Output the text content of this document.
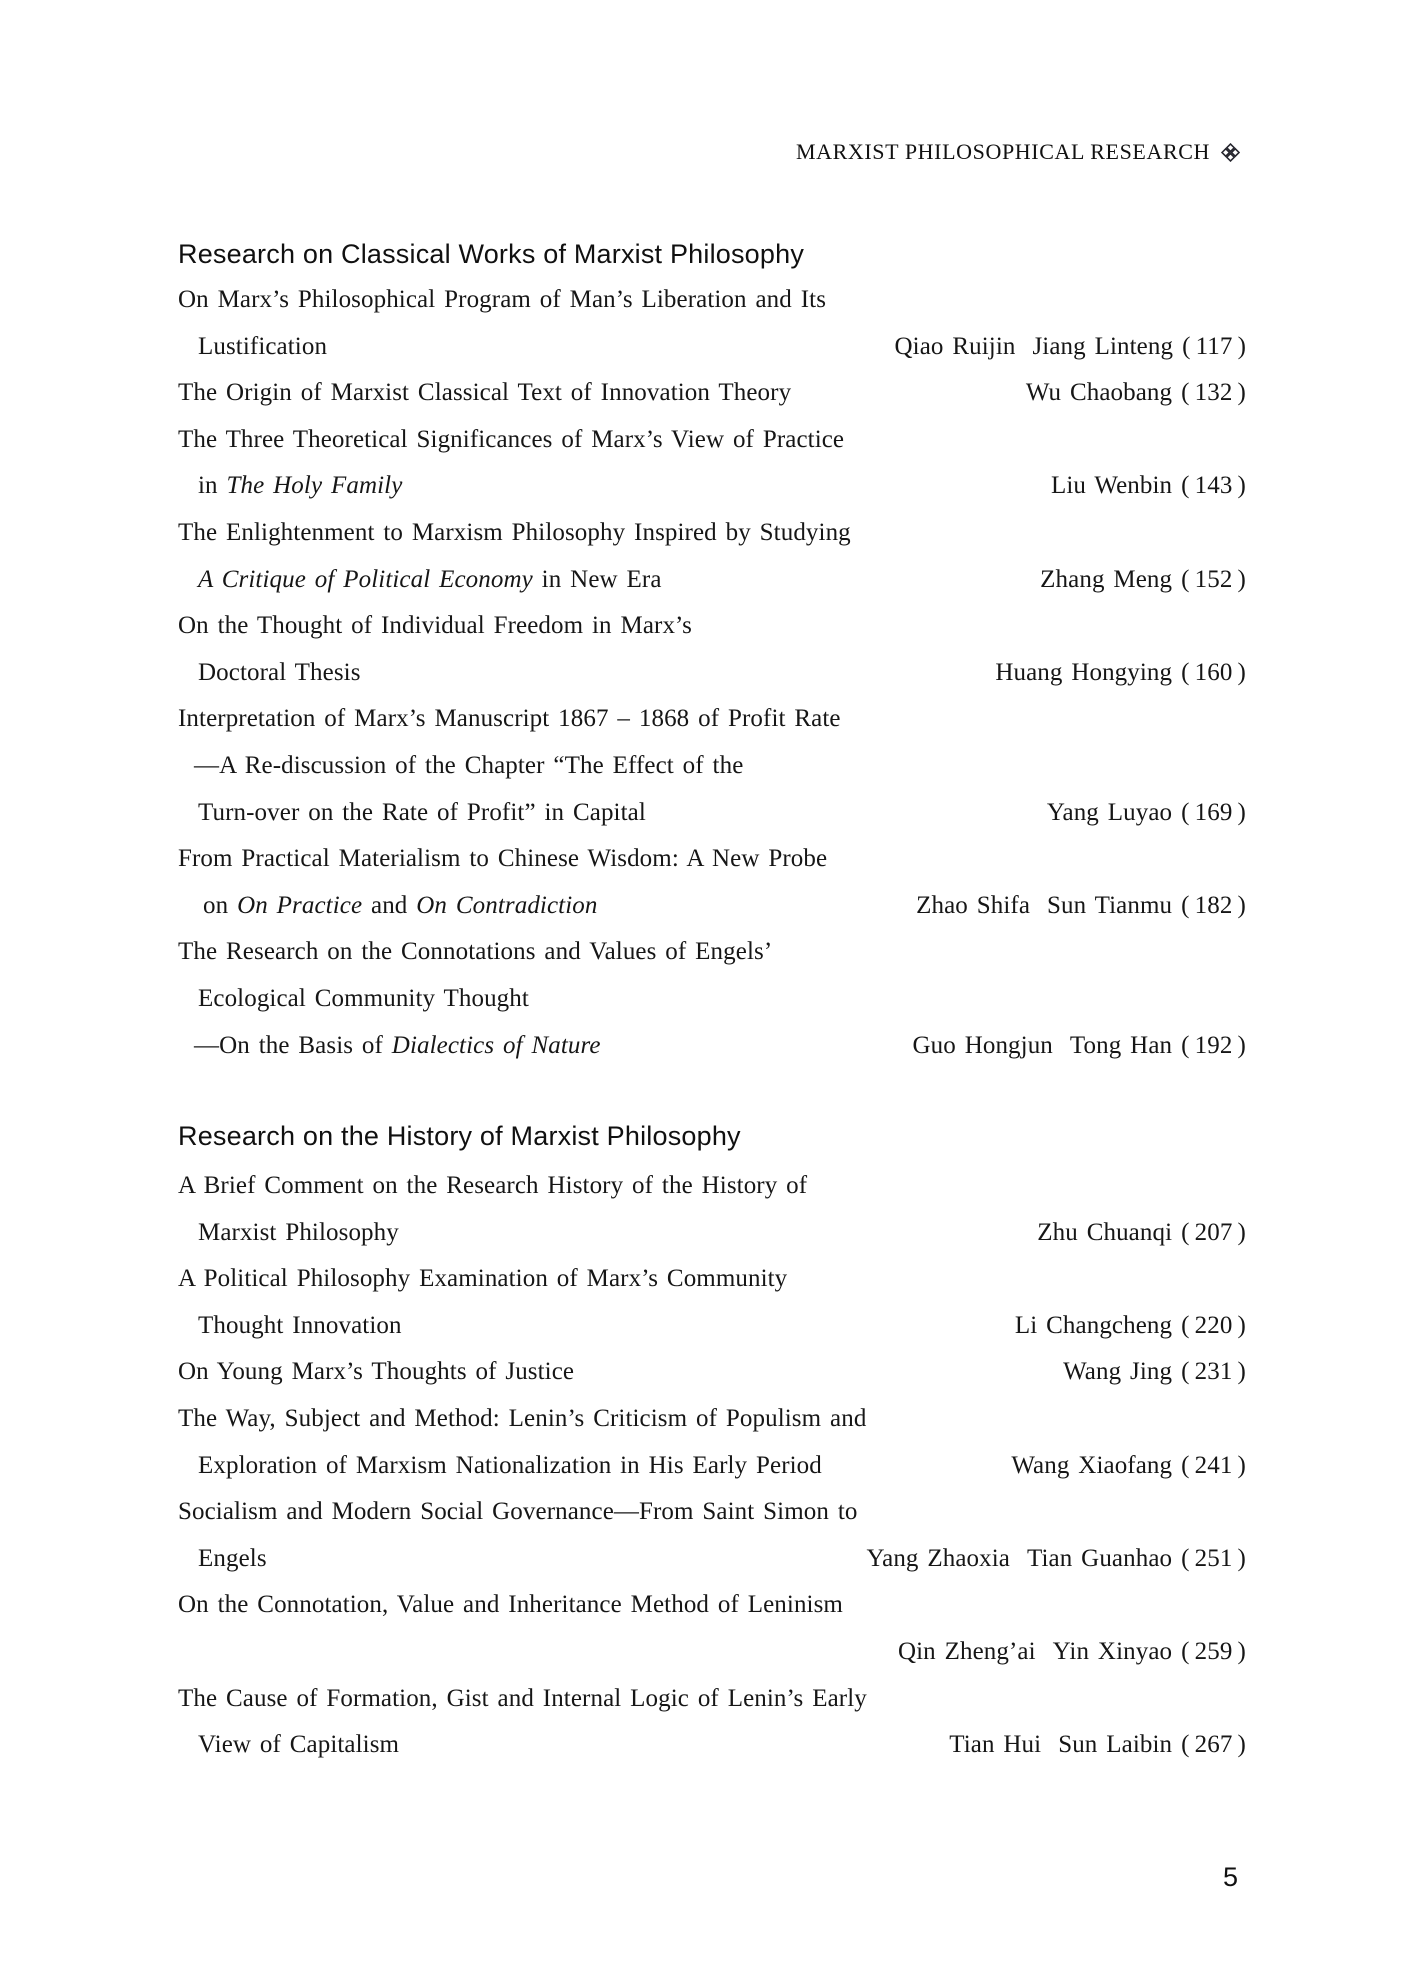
MARXIST PHILOSOPHICAL RESEARCH
Research on Classical Works of Marxist Philosophy
On Marx’s Philosophical Program of Man’s Liberation and Its
Lustification	Qiao Ruijin Jiang Linteng ( 117 )
The Origin of Marxist Classical Text of Innovation Theory	Wu Chaobang ( 132 )
The Three Theoretical Significances of Marx’s View of Practice
in The Holy Family	Liu Wenbin ( 143 )
The Enlightenment to Marxism Philosophy Inspired by Studying
A Critique of Political Economy in New Era	Zhang Meng ( 152 )
On the Thought of Individual Freedom in Marx’s
Doctoral Thesis	Huang Hongying ( 160 )
Interpretation of Marx’s Manuscript 1867 – 1868 of Profit Rate
—A Re-discussion of the Chapter “The Effect of the
Turn-over on the Rate of Profit” in Capital	Yang Luyao ( 169 )
From Practical Materialism to Chinese Wisdom: A New Probe
on On Practice and On Contradiction	Zhao Shifa Sun Tianmu ( 182 )
The Research on the Connotations and Values of Engels’
Ecological Community Thought
—On the Basis of Dialectics of Nature	Guo Hongjun Tong Han ( 192 )
Research on the History of Marxist Philosophy
A Brief Comment on the Research History of the History of
Marxist Philosophy	Zhu Chuanqi ( 207 )
A Political Philosophy Examination of Marx’s Community
Thought Innovation	Li Changcheng ( 220 )
On Young Marx’s Thoughts of Justice	Wang Jing ( 231 )
The Way, Subject and Method: Lenin’s Criticism of Populism and
Exploration of Marxism Nationalization in His Early Period	Wang Xiaofang ( 241 )
Socialism and Modern Social Governance—From Saint Simon to
Engels	Yang Zhaoxia Tian Guanhao ( 251 )
On the Connotation, Value and Inheritance Method of Leninism
Qin Zheng’ai Yin Xinyao ( 259 )
The Cause of Formation, Gist and Internal Logic of Lenin’s Early
View of Capitalism	Tian Hui Sun Laibin ( 267 )
5
